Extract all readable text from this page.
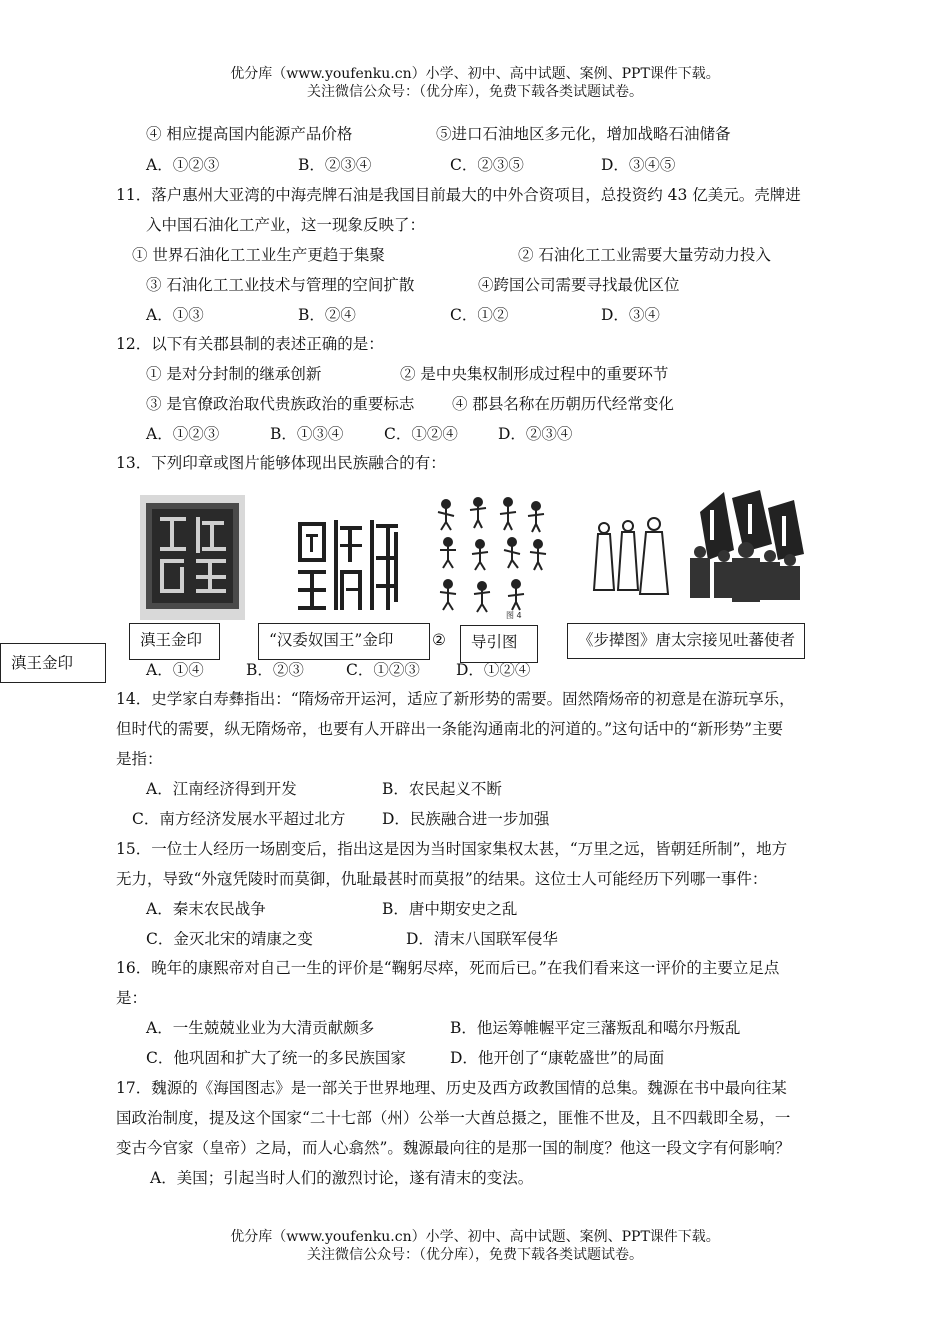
优分库（www.youfenku.cn）小学、初中、高中试题、案例、PPT课件下载。
关注微信公众号：（优分库），免费下载各类试题试卷。
④ 相应提高国内能源产品价格	⑤进口石油地区多元化，增加战略石油储备
A．①②③	B．②③④	C．②③⑤	D．③④⑤
11．落户惠州大亚湾的中海壳牌石油是我国目前最大的中外合资项目，总投资约 43 亿美元。壳牌进
入中国石油化工产业，这一现象反映了：
① 世界石油化工工业生产更趋于集聚	② 石油化工工业需要大量劳动力投入
③ 石油化工工业技术与管理的空间扩散	④跨国公司需要寻找最优区位
A．①③	B．②④	C．①②	D．③④
12．以下有关郡县制的表述正确的是：
① 是对分封制的继承创新	② 是中央集权制形成过程中的重要环节
③ 是官僚政治取代贵族政治的重要标志 ④ 郡县名称在历朝历代经常变化
A．①②③	B．①③④	C．①②④	D．②③④
13．下列印章或图片能够体现出民族融合的有：
图 4
滇王金印	“汉委奴国王”金印	②	导引图	《步撵图》唐太宗接见吐蕃使者
滇王金印	A．①④	B．②③	C．①②③ D．①②④
14．史学家白寿彝指出：“隋炀帝开运河，适应了新形势的需要。固然隋炀帝的初意是在游玩享乐，
但时代的需要，纵无隋炀帝，也要有人开辟出一条能沟通南北的河道的。”这句话中的“新形势”主要
是指：
A．江南经济得到开发	B．农民起义不断
C．南方经济发展水平超过北方 D．民族融合进一步加强
15．一位士人经历一场剧变后，指出这是因为当时国家集权太甚，“万里之远，皆朝廷所制”，地方
无力，导致“外寇凭陵时而莫御，仇耻最甚时而莫报”的结果。这位士人可能经历下列哪一事件：
A．秦末农民战争	B．唐中期安史之乱
C．金灭北宋的靖康之变	D．清末八国联军侵华
16．晚年的康熙帝对自己一生的评价是“鞠躬尽瘁，死而后已。”在我们看来这一评价的主要立足点
是：
A．一生兢兢业业为大清贡献颇多	B．他运筹帷幄平定三藩叛乱和噶尔丹叛乱
C．他巩固和扩大了统一的多民族国家	D．他开创了“康乾盛世”的局面
17．魏源的《海国图志》是一部关于世界地理、历史及西方政教国情的总集。魏源在书中最向往某
国政治制度，提及这个国家“二十七部（州）公举一大酋总摄之，匪惟不世及，且不四载即全易，一
变古今官家（皇帝）之局，而人心翕然”。魏源最向往的是那一国的制度？他这一段文字有何影响？
A．美国；引起当时人们的激烈讨论，遂有清末的变法。
优分库（www.youfenku.cn）小学、初中、高中试题、案例、PPT课件下载。
关注微信公众号：（优分库），免费下载各类试题试卷。
